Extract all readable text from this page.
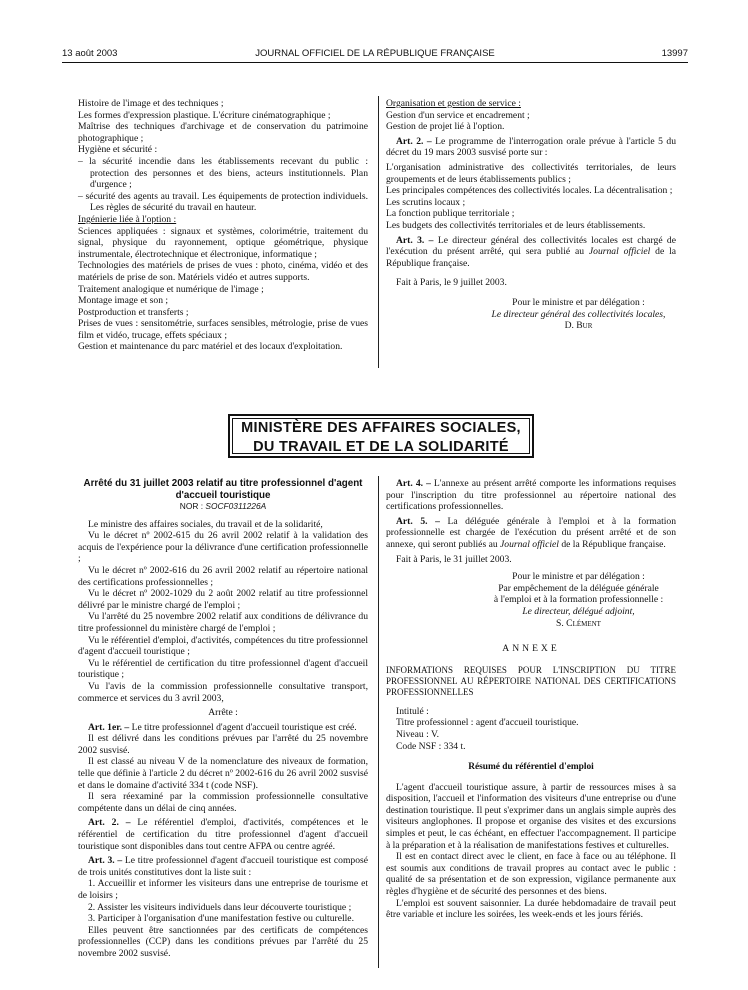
13 août 2003	JOURNAL OFFICIEL DE LA RÉPUBLIQUE FRANÇAISE	13997

Histoire de l'image et des techniques ;

Les formes d'expression plastique. L'écriture cinématographique ;

Maîtrise des techniques d'archivage et de conservation du patrimoine photographique ;

Hygiène et sécurité :

– la sécurité incendie dans les établissements recevant du public : protection des personnes et des biens, acteurs institutionnels. Plan d'urgence ;

– sécurité des agents au travail. Les équipements de protection individuels. Les règles de sécurité du travail en hauteur.

Ingénierie liée à l'option :

Sciences appliquées : signaux et systèmes, colorimétrie, traitement du signal, physique du rayonnement, optique géométrique, physique instrumentale, électrotechnique et électronique, informatique ;

Technologies des matériels de prises de vues : photo, cinéma, vidéo et des matériels de prise de son. Matériels vidéo et autres supports.

Traitement analogique et numérique de l'image ;

Montage image et son ;

Postproduction et transferts ;

Prises de vues : sensitométrie, surfaces sensibles, métrologie, prise de vues film et vidéo, trucage, effets spéciaux ;

Gestion et maintenance du parc matériel et des locaux d'exploitation.

Organisation et gestion de service :

Gestion d'un service et encadrement ;

Gestion de projet lié à l'option.

Art. 2. – Le programme de l'interrogation orale prévue à l'article 5 du décret du 19 mars 2003 susvisé porte sur :

L'organisation administrative des collectivités territoriales, de leurs groupements et de leurs établissements publics ;

Les principales compétences des collectivités locales. La décentralisation ;

Les scrutins locaux ;

La fonction publique territoriale ;

Les budgets des collectivités territoriales et de leurs établissements.

Art. 3. – Le directeur général des collectivités locales est chargé de l'exécution du présent arrêté, qui sera publié au Journal officiel de la République française.

Fait à Paris, le 9 juillet 2003.

Pour le ministre et par délégation :

Le directeur général des collectivités locales,

D. Bur

MINISTÈRE DES AFFAIRES SOCIALES,
DU TRAVAIL ET DE LA SOLIDARITÉ

Arrêté du 31 juillet 2003 relatif au titre professionnel d'agent d'accueil touristique

NOR : SOCF0311226A

Le ministre des affaires sociales, du travail et de la solidarité,

Vu le décret nº 2002-615 du 26 avril 2002 relatif à la validation des acquis de l'expérience pour la délivrance d'une certification professionnelle ;

Vu le décret nº 2002-616 du 26 avril 2002 relatif au répertoire national des certifications professionnelles ;

Vu le décret nº 2002-1029 du 2 août 2002 relatif au titre professionnel délivré par le ministre chargé de l'emploi ;

Vu l'arrêté du 25 novembre 2002 relatif aux conditions de délivrance du titre professionnel du ministère chargé de l'emploi ;

Vu le référentiel d'emploi, d'activités, compétences du titre professionnel d'agent d'accueil touristique ;

Vu le référentiel de certification du titre professionnel d'agent d'accueil touristique ;

Vu l'avis de la commission professionnelle consultative transport, commerce et services du 3 avril 2003,

Arrête :

Art. 1er. – Le titre professionnel d'agent d'accueil touristique est créé.

Il est délivré dans les conditions prévues par l'arrêté du 25 novembre 2002 susvisé.

Il est classé au niveau V de la nomenclature des niveaux de formation, telle que définie à l'article 2 du décret nº 2002-616 du 26 avril 2002 susvisé et dans le domaine d'activité 334 t (code NSF).

Il sera réexaminé par la commission professionnelle consultative compétente dans un délai de cinq années.

Art. 2. – Le référentiel d'emploi, d'activités, compétences et le référentiel de certification du titre professionnel d'agent d'accueil touristique sont disponibles dans tout centre AFPA ou centre agréé.

Art. 3. – Le titre professionnel d'agent d'accueil touristique est composé de trois unités constitutives dont la liste suit :

1. Accueillir et informer les visiteurs dans une entreprise de tourisme et de loisirs ;

2. Assister les visiteurs individuels dans leur découverte touristique ;

3. Participer à l'organisation d'une manifestation festive ou culturelle.

Elles peuvent être sanctionnées par des certificats de compétences professionnelles (CCP) dans les conditions prévues par l'arrêté du 25 novembre 2002 susvisé.

Art. 4. – L'annexe au présent arrêté comporte les informations requises pour l'inscription du titre professionnel au répertoire national des certifications professionnelles.

Art. 5. – La déléguée générale à l'emploi et à la formation professionnelle est chargée de l'exécution du présent arrêté et de son annexe, qui seront publiés au Journal officiel de la République française.

Fait à Paris, le 31 juillet 2003.

Pour le ministre et par délégation :

Par empêchement de la déléguée générale

à l'emploi et à la formation professionnelle :

Le directeur, délégué adjoint,

S. Clément

ANNEXE

INFORMATIONS REQUISES POUR L'INSCRIPTION DU TITRE PROFESSIONNEL AU RÉPERTOIRE NATIONAL DES CERTIFICATIONS PROFESSIONNELLES

Intitulé :

Titre professionnel : agent d'accueil touristique.

Niveau : V.

Code NSF : 334 t.

Résumé du référentiel d'emploi

L'agent d'accueil touristique assure, à partir de ressources mises à sa disposition, l'accueil et l'information des visiteurs d'une entreprise ou d'une destination touristique. Il peut s'exprimer dans un anglais simple auprès des visiteurs anglophones. Il propose et organise des visites et des excursions simples et peut, le cas échéant, en effectuer l'accompagnement. Il participe à la préparation et à la réalisation de manifestations festives et culturelles.

Il est en contact direct avec le client, en face à face ou au téléphone. Il est soumis aux conditions de travail propres au contact avec le public : qualité de sa présentation et de son expression, vigilance permanente aux règles d'hygiène et de sécurité des personnes et des biens.

L'emploi est souvent saisonnier. La durée hebdomadaire de travail peut être variable et inclure les soirées, les week-ends et les jours fériés.
